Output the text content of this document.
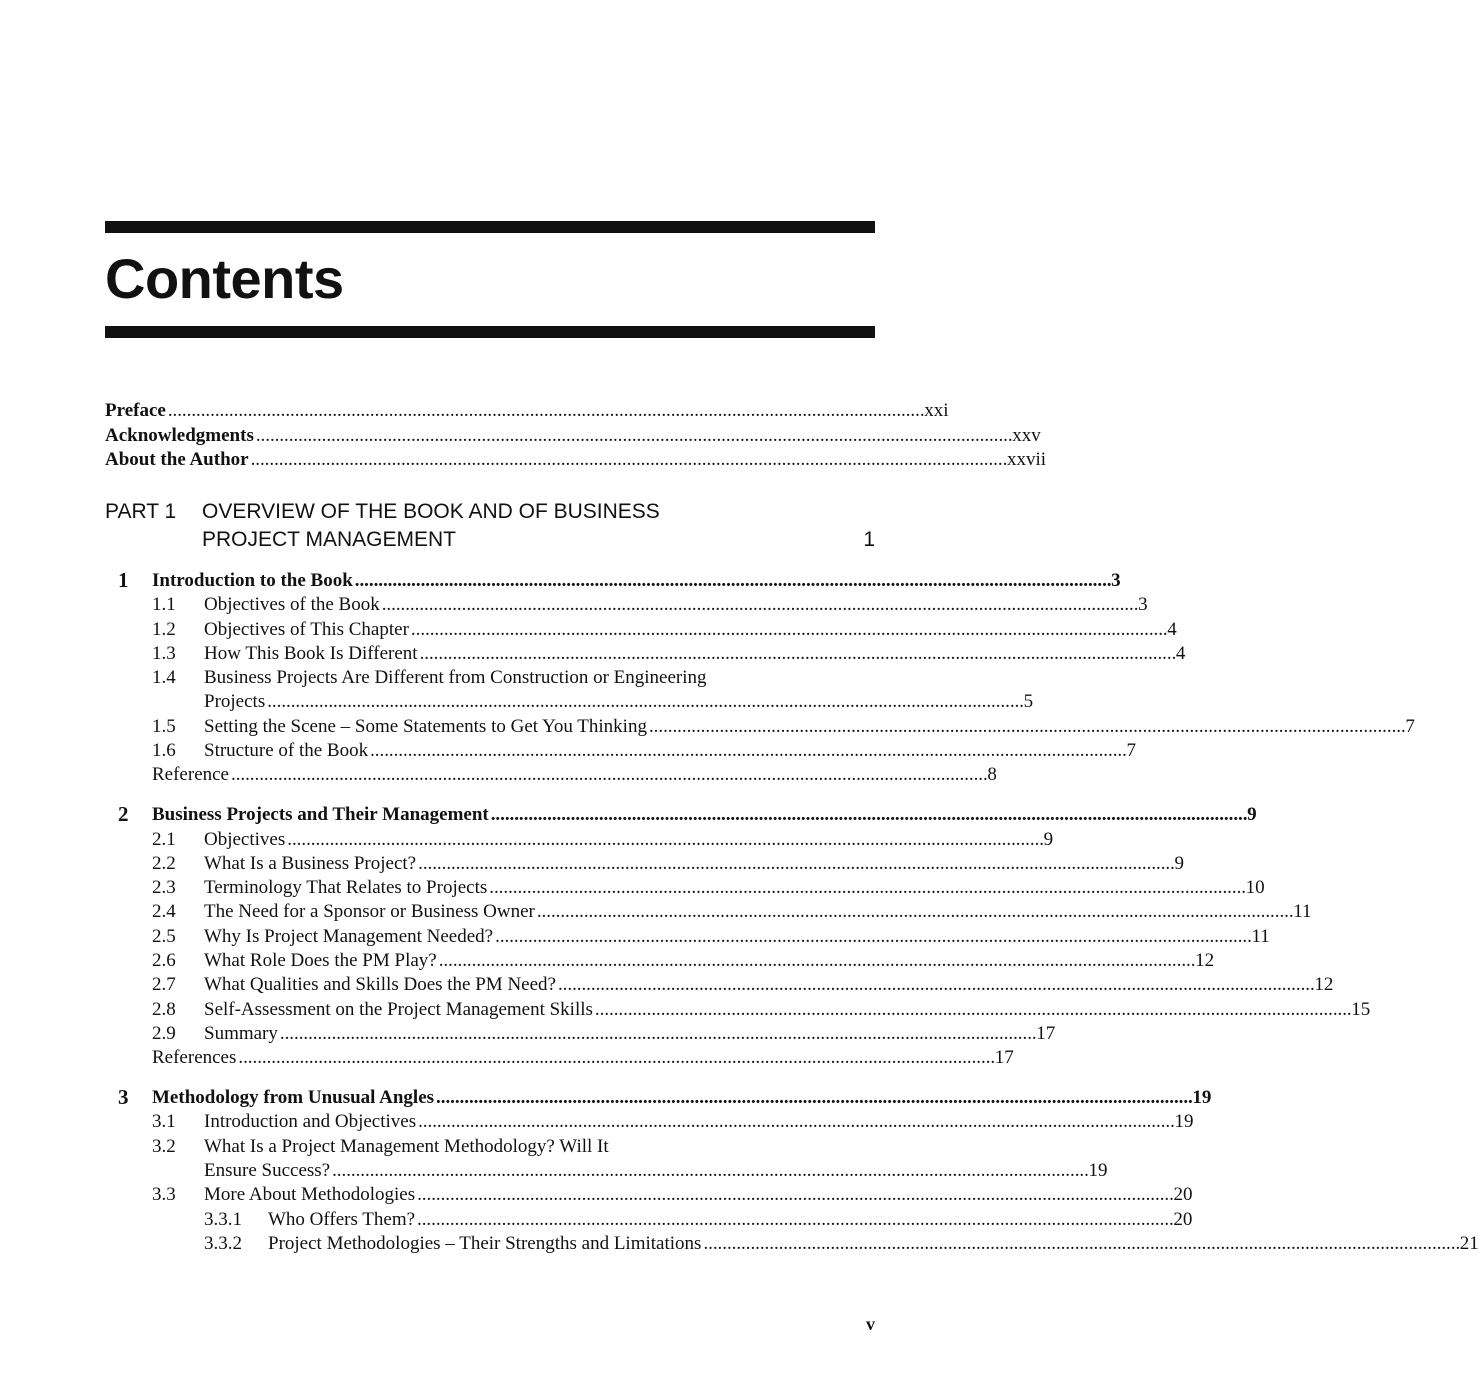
Contents
Preface . . .	xxi
Acknowledgments . . .	xxv
About the Author . . .	xxvii
PART 1 OVERVIEW OF THE BOOK AND OF BUSINESS
PROJECT MANAGEMENT	1
1 Introduction to the Book . . .	3
1.1 Objectives of the Book . . .	3
1.2 Objectives of This Chapter . . .	4
1.3 How This Book Is Different . . .	4
1.4 Business Projects Are Different from Construction or Engineering
Projects . . .	5
1.5 Setting the Scene – Some Statements to Get You Thinking . . .	7
1.6 Structure of the Book . . .	7
Reference . . .	8
2 Business Projects and Their Management . . .	9
2.1 Objectives . . .	9
2.2 What Is a Business Project? . . .	9
2.3 Terminology That Relates to Projects . . .	10
2.4 The Need for a Sponsor or Business Owner . . .	11
2.5 Why Is Project Management Needed? . . .	11
2.6 What Role Does the PM Play? . . .	12
2.7 What Qualities and Skills Does the PM Need? . . .	12
2.8 Self-Assessment on the Project Management Skills . . .	15
2.9 Summary . . .	17
References . . .	17
3 Methodology from Unusual Angles . . .	19
3.1 Introduction and Objectives . . .	19
3.2 What Is a Project Management Methodology? Will It
Ensure Success? . . .	19
3.3 More About Methodologies . . .	20
3.3.1 Who Offers Them? . . .	20
3.3.2 Project Methodologies – Their Strengths and Limitations . . .	21
v
